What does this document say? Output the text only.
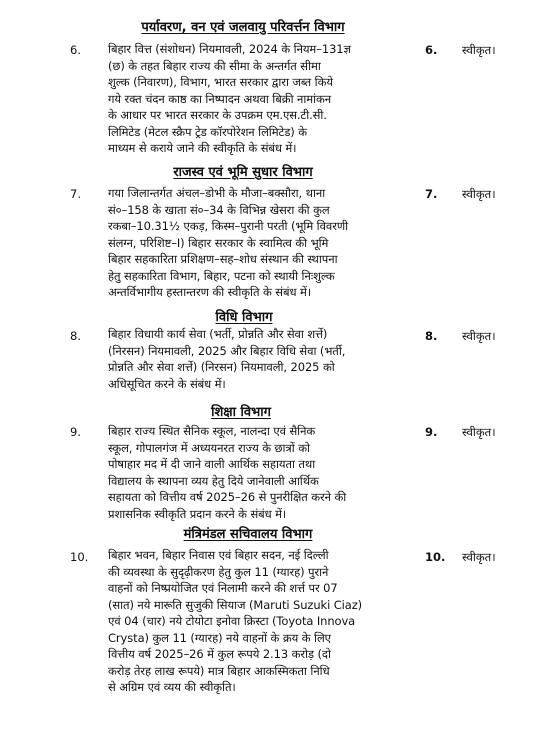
पर्यावरण, वन एवं जलवायु परिवर्त्तन विभाग
6. बिहार वित्त (संशोधन) नियमावली, 2024 के नियम–131ज्ञ
(छ) के तहत बिहार राज्य की सीमा के अन्तर्गत सीमा
शुल्क (निवारण), विभाग, भारत सरकार द्वारा जब्त किये
गये रक्त चंदन काष्ठ का निष्पादन अथवा बिक्री नामांकन
के आधार पर भारत सरकार के उपक्रम एम.एस.टी.सी.
लिमिटेड (मेटल स्क्रैप ट्रेड कॉरपोरेशन लिमिटेड) के
माध्यम से कराये जाने की स्वीकृति के संबंध में।
6. स्वीकृत।
राजस्व एवं भूमि सुधार विभाग
7. गया जिलान्तर्गत अंचल–डोभी के मौजा–बक्सौरा, थाना
सं०–158 के खाता सं०–34 के विभिन्न खेसरा की कुल
रकबा–10.31½ एकड़, किस्म–पुरानी परती (भूमि विवरणी
संलग्न, परिशिष्ट–I) बिहार सरकार के स्वामित्व की भूमि
बिहार सहकारिता प्रशिक्षण–सह–शोध संस्थान की स्थापना
हेतु सहकारिता विभाग, बिहार, पटना को स्थायी निःशुल्क
अन्तर्विभागीय हस्तान्तरण की स्वीकृति के संबंध में।
7. स्वीकृत।
विधि विभाग
8. बिहार विधायी कार्य सेवा (भर्ती, प्रोन्नति और सेवा शर्त्ते)
(निरसन) नियमावली, 2025 और बिहार विधि सेवा (भर्ती,
प्रोन्नति और सेवा शर्त्ते) (निरसन) नियमावली, 2025 को
अधिसूचित करने के संबंध में।
8. स्वीकृत।
शिक्षा विभाग
9. बिहार राज्य स्थित सैनिक स्कूल, नालन्दा एवं सैनिक
स्कूल, गोपालगंज में अध्ययनरत राज्य के छात्रों को
पोषाहार मद में दी जाने वाली आर्थिक सहायता तथा
विद्यालय के स्थापना व्यय हेतु दिये जानेवाली आर्थिक
सहायता को वित्तीय वर्ष 2025–26 से पुनरीक्षित करने की
प्रशासनिक स्वीकृति प्रदान करने के संबंध में।
9. स्वीकृत।
मंत्रिमंडल सचिवालय विभाग
10. बिहार भवन, बिहार निवास एवं बिहार सदन, नई दिल्ली
की व्यवस्था के सुदृढ़ीकरण हेतु कुल 11 (ग्यारह) पुराने
वाहनों को निष्प्रयोजित एवं निलामी करने की शर्त्त पर 07
(सात) नये मारूति सुजुकी सियाज (Maruti Suzuki Ciaz)
एवं 04 (चार) नये टोयोटा इनोवा क्रिस्टा (Toyota Innova
Crysta) कुल 11 (ग्यारह) नये वाहनों के क्रय के लिए
वित्तीय वर्ष 2025–26 में कुल रूपये 2.13 करोड़ (दो
करोड़ तेरह लाख रूपये) मात्र बिहार आकस्मिकता निधि
से अग्रिम एवं व्यय की स्वीकृति।
10. स्वीकृत।
